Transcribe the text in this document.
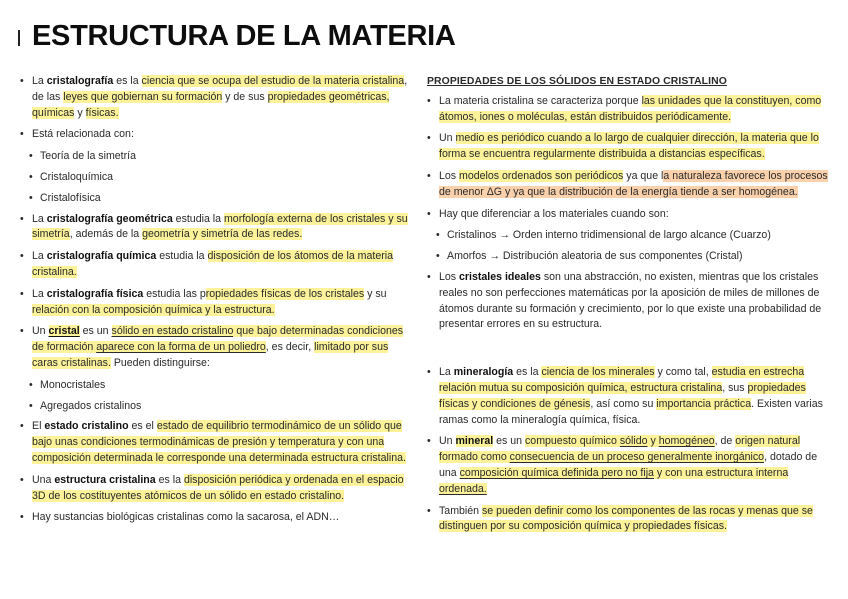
ESTRUCTURA DE LA MATERIA
• La cristalografía es la ciencia que se ocupa del estudio de la materia cristalina, de las leyes que gobiernan su formación y de sus propiedades geométricas, químicas y físicas.
• Está relacionada con:
• Teoría de la simetría
• Cristaloquímica
• Cristalofísica
• La cristalografía geométrica estudia la morfología externa de los cristales y su simetría, además de la geometría y simetría de las redes.
• La cristalografía química estudia la disposición de los átomos de la materia cristalina.
• La cristalografía física estudia las propiedades físicas de los cristales y su relación con la composición química y la estructura.
• Un cristal es un sólido en estado cristalino que bajo determinadas condiciones de formación aparece con la forma de un poliedro, es decir, limitado por sus caras cristalinas. Pueden distinguirse:
• Monocristales
• Agregados cristalinos
• El estado cristalino es el estado de equilibrio termodinámico de un sólido que bajo unas condiciones termodinámicas de presión y temperatura y con una composición determinada le corresponde una determinada estructura cristalina.
• Una estructura cristalina es la disposición periódica y ordenada en el espacio 3D de los costituyentes atómicos de un sólido en estado cristalino.
• Hay sustancias biológicas cristalinas como la sacarosa, el ADN…
PROPIEDADES DE LOS SÓLIDOS EN ESTADO CRISTALINO
• La materia cristalina se caracteriza porque las unidades que la constituyen, como átomos, iones o moléculas, están distribuidos periódicamente.
• Un medio es periódico cuando a lo largo de cualquier dirección, la materia que lo forma se encuentra regularmente distribuida a distancias específicas.
• Los modelos ordenados son periódicos ya que la naturaleza favorece los procesos de menor ΔG y ya que la distribución de la energía tiende a ser homogénea.
• Hay que diferenciar a los materiales cuando son:
• Cristalinos → Orden interno tridimensional de largo alcance (Cuarzo)
• Amorfos → Distribución aleatoria de sus componentes (Cristal)
• Los cristales ideales son una abstracción, no existen, mientras que los cristales reales no son perfecciones matemáticas por la aposición de miles de millones de átomos durante su formación y crecimiento, por lo que existe una probabilidad de presentar errores en su estructura.
• La mineralogía es la ciencia de los minerales y como tal, estudia en estrecha relación mutua su composición química, estructura cristalina, sus propiedades físicas y condiciones de génesis, así como su importancia práctica. Existen varias ramas como la mineralogía química, física.
• Un mineral es un compuesto químico sólido y homogéneo, de origen natural formado como consecuencia de un proceso generalmente inorgánico, dotado de una composición química definida pero no fija y con una estructura interna ordenada.
• También se pueden definir como los componentes de las rocas y menas que se distinguen por su composición química y propiedades físicas.
